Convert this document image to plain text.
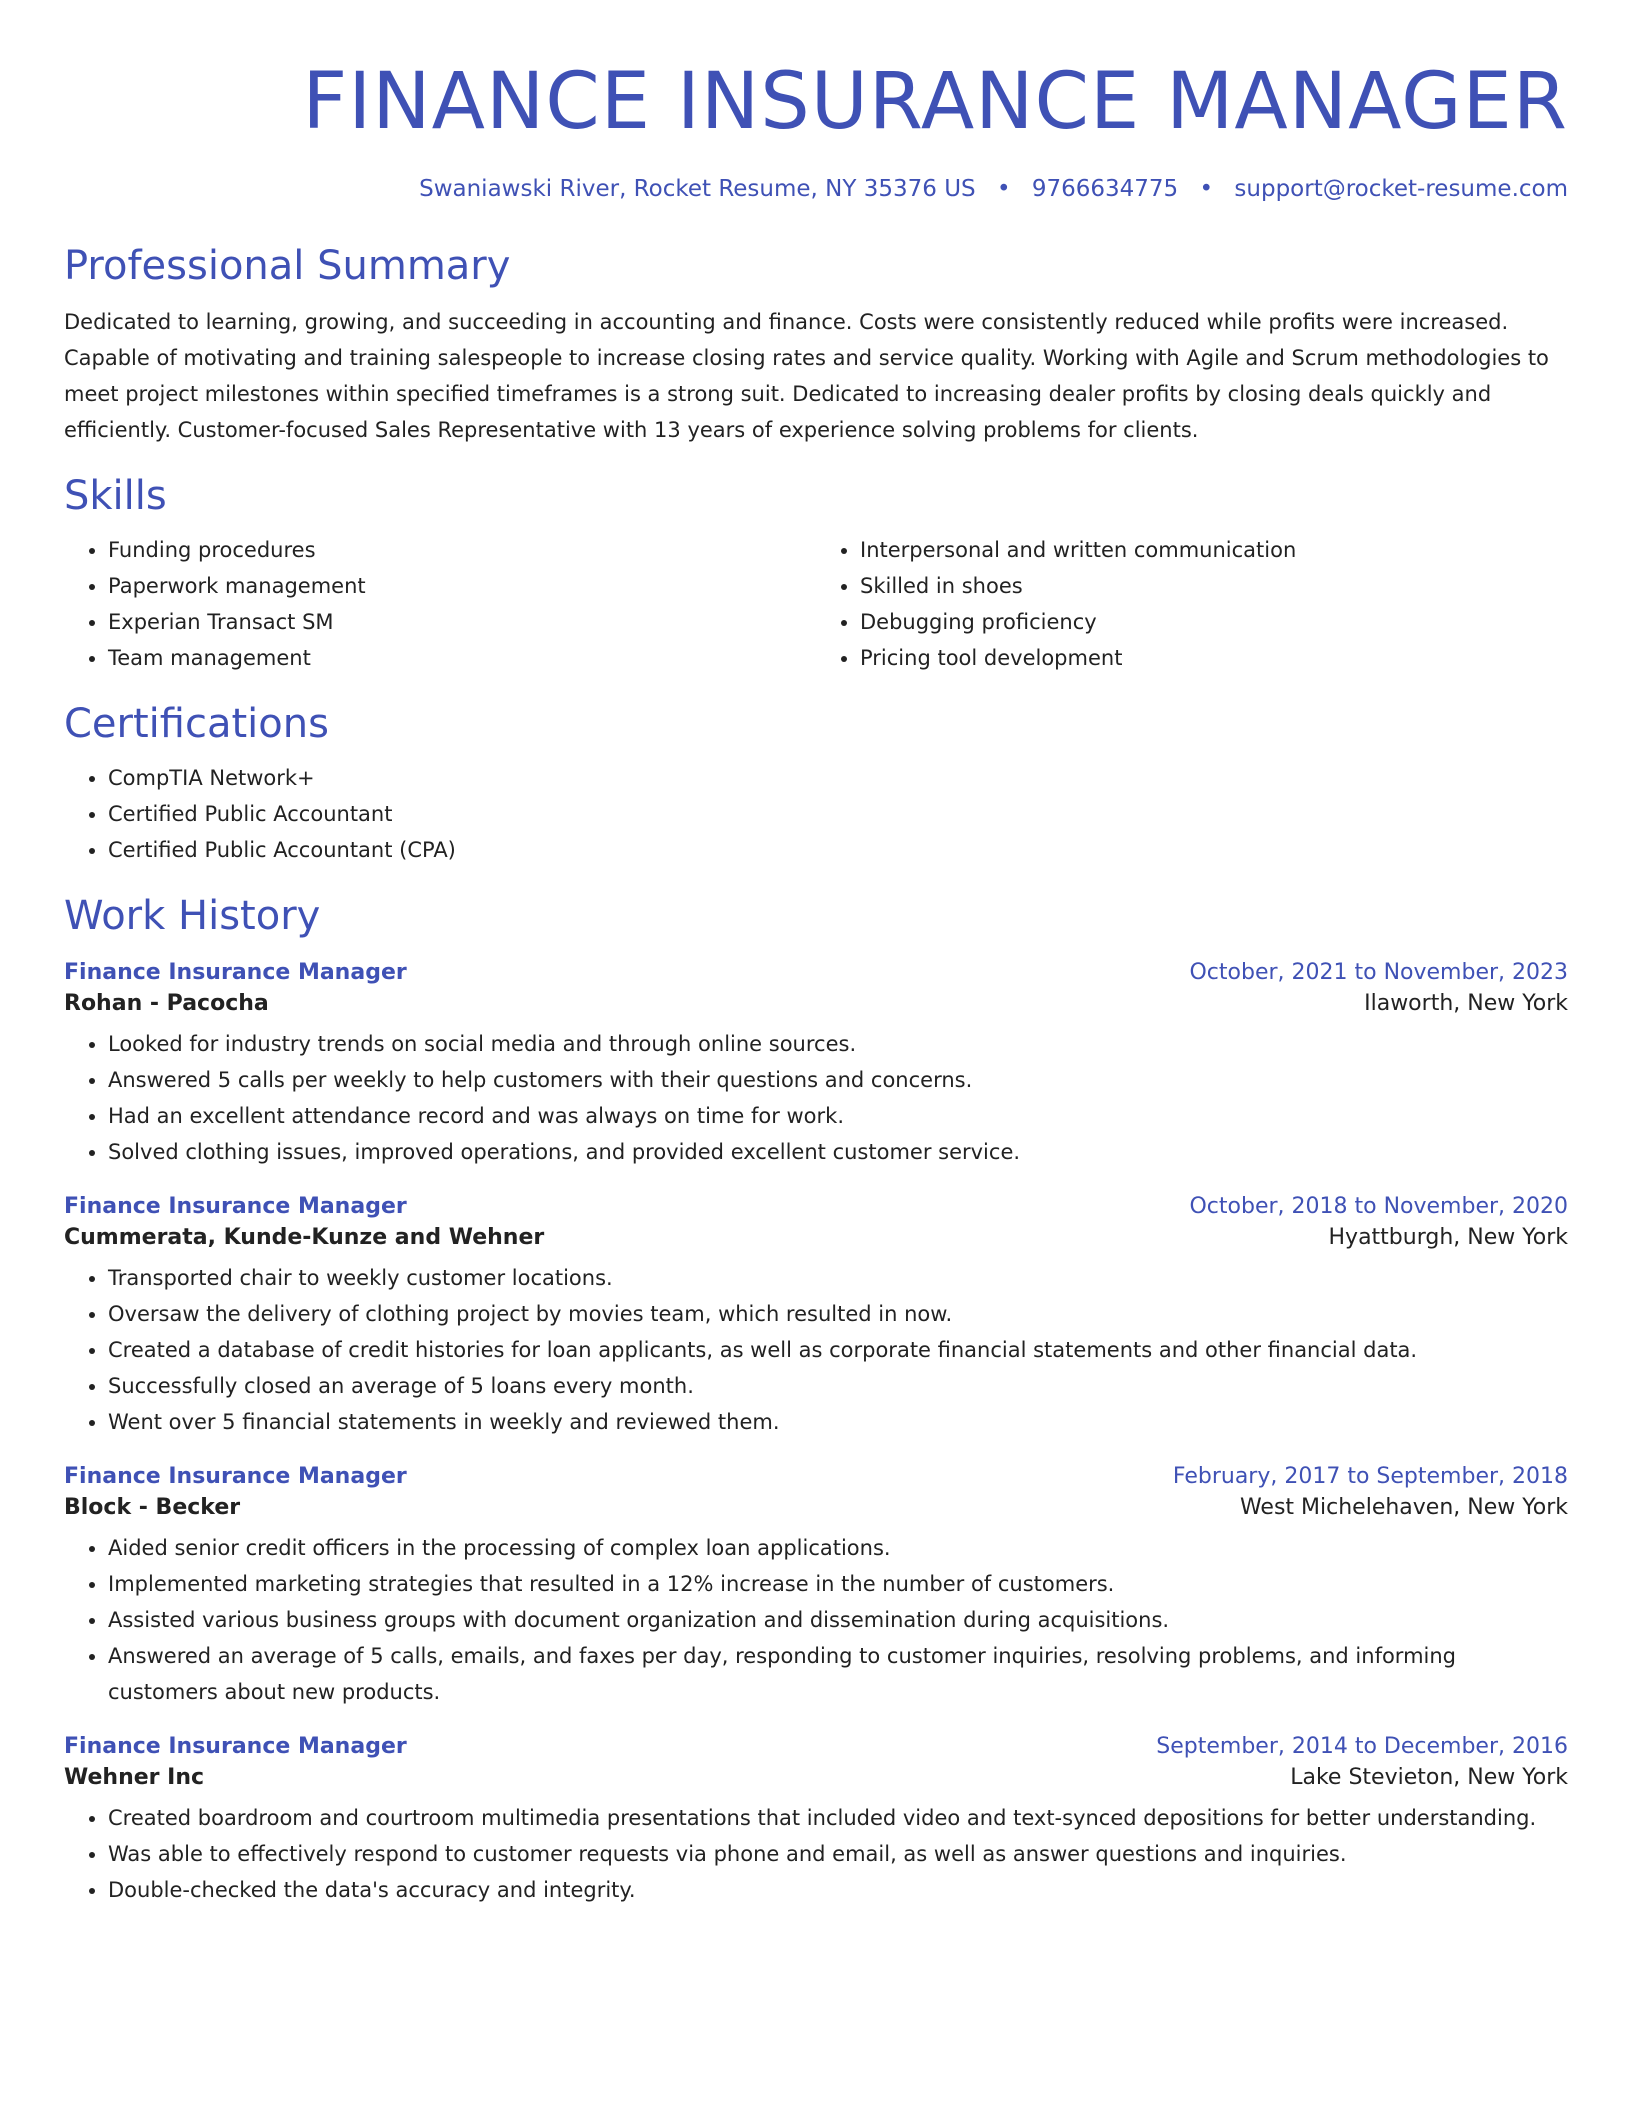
FINANCE INSURANCE MANAGER
Swaniawski River, Rocket Resume, NY 35376 US • 9766634775 • support@rocket-resume.com
Professional Summary

Dedicated to learning, growing, and succeeding in accounting and finance. Costs were consistently reduced while profits were increased. Capable of motivating and training salespeople to increase closing rates and service quality. Working with Agile and Scrum methodologies to meet project milestones within specified timeframes is a strong suit. Dedicated to increasing dealer profits by closing deals quickly and efficiently. Customer-focused Sales Representative with 13 years of experience solving problems for clients.

Skills
• Funding procedures
• Paperwork management
• Experian Transact SM
• Team management
• Interpersonal and written communication
• Skilled in shoes
• Debugging proficiency
• Pricing tool development
Certifications
• CompTIA Network+
• Certified Public Accountant
• Certified Public Accountant (CPA)
Work History
Finance Insurance Manager	October, 2021 to November, 2023
Rohan - Pacocha	Ilaworth, New York
• Looked for industry trends on social media and through online sources.
• Answered 5 calls per weekly to help customers with their questions and concerns.
• Had an excellent attendance record and was always on time for work.
• Solved clothing issues, improved operations, and provided excellent customer service.
Finance Insurance Manager	October, 2018 to November, 2020
Cummerata, Kunde-Kunze and Wehner	Hyattburgh, New York
• Transported chair to weekly customer locations.
• Oversaw the delivery of clothing project by movies team, which resulted in now.
• Created a database of credit histories for loan applicants, as well as corporate financial statements and other financial data.
• Successfully closed an average of 5 loans every month.
• Went over 5 financial statements in weekly and reviewed them.
Finance Insurance Manager	February, 2017 to September, 2018
Block - Becker	West Michelehaven, New York
• Aided senior credit officers in the processing of complex loan applications.
• Implemented marketing strategies that resulted in a 12% increase in the number of customers.
• Assisted various business groups with document organization and dissemination during acquisitions.
• Answered an average of 5 calls, emails, and faxes per day, responding to customer inquiries, resolving problems, and informing customers about new products.
Finance Insurance Manager	September, 2014 to December, 2016
Wehner Inc	Lake Stevieton, New York
• Created boardroom and courtroom multimedia presentations that included video and text-synced depositions for better understanding.
• Was able to effectively respond to customer requests via phone and email, as well as answer questions and inquiries.
• Double-checked the data's accuracy and integrity.
